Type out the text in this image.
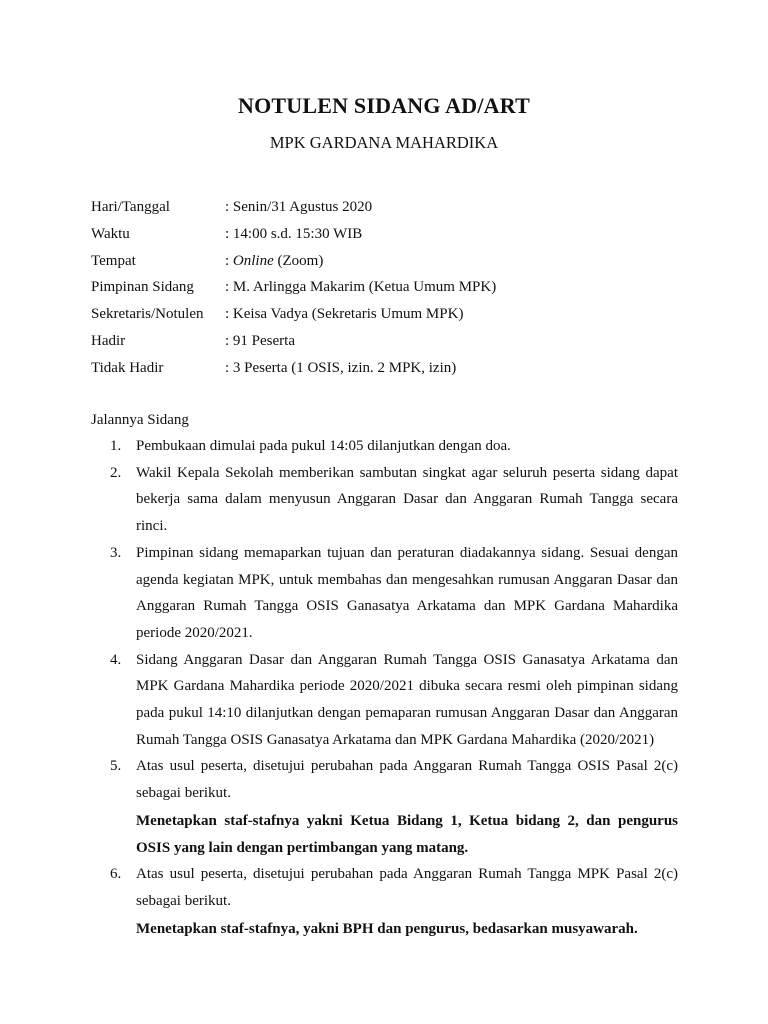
NOTULEN SIDANG AD/ART
MPK GARDANA MAHARDIKA
Hari/Tanggal	: Senin/31 Agustus 2020
Waktu	: 14:00 s.d. 15:30 WIB
Tempat	: Online (Zoom)
Pimpinan Sidang : M. Arlingga Makarim (Ketua Umum MPK)
Sekretaris/Notulen : Keisa Vadya (Sekretaris Umum MPK)
Hadir	: 91 Peserta
Tidak Hadir	: 3 Peserta (1 OSIS, izin. 2 MPK, izin)
Jalannya Sidang
1. Pembukaan dimulai pada pukul 14:05 dilanjutkan dengan doa.
2. Wakil Kepala Sekolah memberikan sambutan singkat agar seluruh peserta sidang dapat bekerja sama dalam menyusun Anggaran Dasar dan Anggaran Rumah Tangga secara rinci.
3. Pimpinan sidang memaparkan tujuan dan peraturan diadakannya sidang. Sesuai dengan agenda kegiatan MPK, untuk membahas dan mengesahkan rumusan Anggaran Dasar dan Anggaran Rumah Tangga OSIS Ganasatya Arkatama dan MPK Gardana Mahardika periode 2020/2021.
4. Sidang Anggaran Dasar dan Anggaran Rumah Tangga OSIS Ganasatya Arkatama dan MPK Gardana Mahardika periode 2020/2021 dibuka secara resmi oleh pimpinan sidang pada pukul 14:10 dilanjutkan dengan pemaparan rumusan Anggaran Dasar dan Anggaran Rumah Tangga OSIS Ganasatya Arkatama dan MPK Gardana Mahardika (2020/2021)
5. Atas usul peserta, disetujui perubahan pada Anggaran Rumah Tangga OSIS Pasal 2(c) sebagai berikut.
Menetapkan staf-stafnya yakni Ketua Bidang 1, Ketua bidang 2, dan pengurus OSIS yang lain dengan pertimbangan yang matang.
6. Atas usul peserta, disetujui perubahan pada Anggaran Rumah Tangga MPK Pasal 2(c) sebagai berikut.
Menetapkan staf-stafnya, yakni BPH dan pengurus, bedasarkan musyawarah.
